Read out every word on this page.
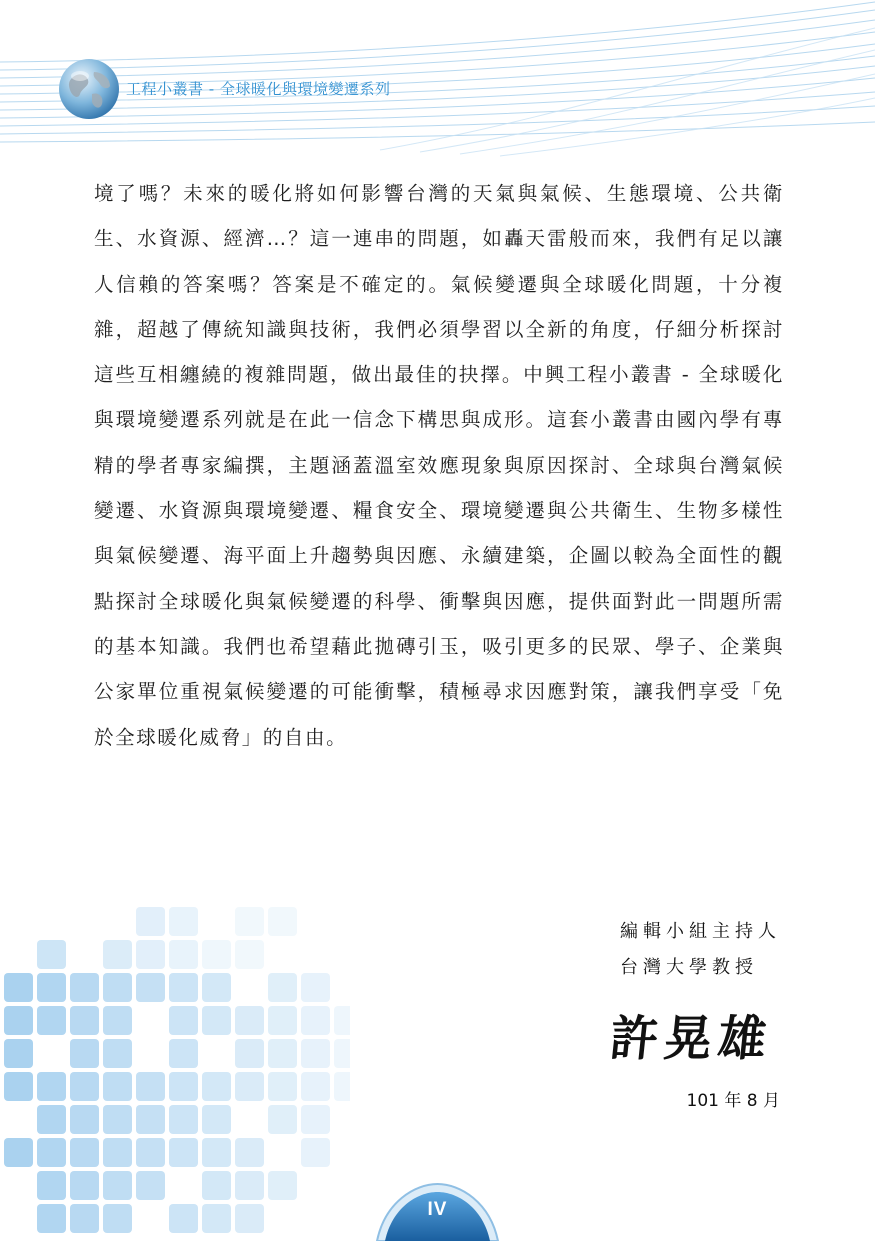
工程小叢書 - 全球暖化與環境變遷系列

境了嗎？未來的暖化將如何影響台灣的天氣與氣候、生態環境、公共衛生、水資源、經濟…？這一連串的問題，如轟天雷般而來，我們有足以讓人信賴的答案嗎？答案是不確定的。氣候變遷與全球暖化問題，十分複雜，超越了傳統知識與技術，我們必須學習以全新的角度，仔細分析探討這些互相纏繞的複雜問題，做出最佳的抉擇。中興工程小叢書 - 全球暖化與環境變遷系列就是在此一信念下構思與成形。這套小叢書由國內學有專精的學者專家編撰，主題涵蓋溫室效應現象與原因探討、全球與台灣氣候變遷、水資源與環境變遷、糧食安全、環境變遷與公共衛生、生物多樣性與氣候變遷、海平面上升趨勢與因應、永續建築，企圖以較為全面性的觀點探討全球暖化與氣候變遷的科學、衝擊與因應，提供面對此一問題所需的基本知識。我們也希望藉此拋磚引玉，吸引更多的民眾、學子、企業與公家單位重視氣候變遷的可能衝擊，積極尋求因應對策，讓我們享受「免於全球暖化威脅」的自由。

編輯小組主持人
台灣大學教授
許晃雄
101 年 8 月
IV
